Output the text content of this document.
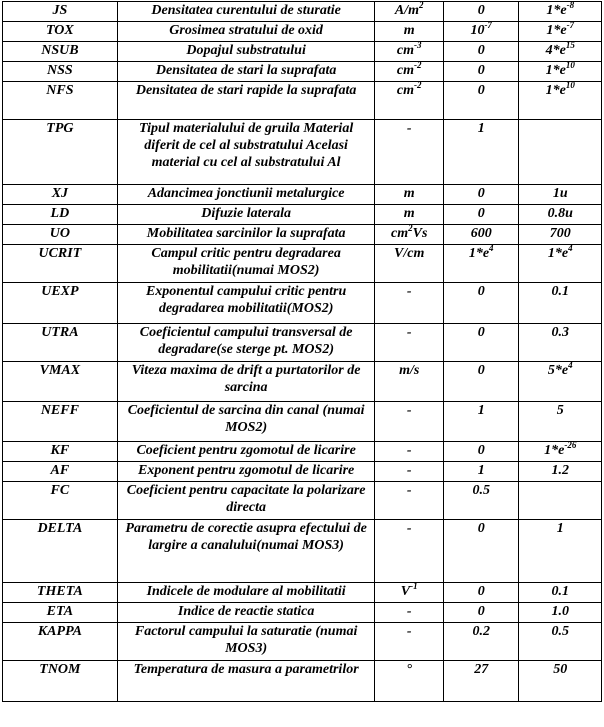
JS	Densitatea curentului de sturatie	$A/m^2$	0	$1*e^{-8}$
TOX	Grosimea stratului de oxid	m	$10^{-7}$	$1*e^{-7}$
NSUB	Dopajul substratului	$cm^{-3}$	0	$4*e^{15}$
NSS	Densitatea de stari la suprafata	$cm^{-2}$	0	$1*e^{10}$
NFS	Densitatea de stari rapide la suprafata	$cm^{-2}$	0	$1*e^{10}$
TPG	Tipul materialului de gruila Material diferit de cel al substratului Acelasi material cu cel al substratului Al	-	1	
XJ	Adancimea jonctiunii metalurgice	m	0	1u
LD	Difuzie laterala	m	0	0.8u
UO	Mobilitatea sarcinilor la suprafata	$cm^2Vs$	600	700
UCRIT	Campul critic pentru degradarea mobilitatii(numai MOS2)	V/cm	$1*e^4$	$1*e^4$
UEXP	Exponentul campului critic pentru degradarea mobilitatii(MOS2)	-	0	0.1
UTRA	Coeficientul campului transversal de degradare(se sterge pt. MOS2)	-	0	0.3
VMAX	Viteza maxima de drift a purtatorilor de sarcina	m/s	0	$5*e^4$
NEFF	Coeficientul de sarcina din canal (numai MOS2)	-	1	5
KF	Coeficient pentru zgomotul de licarire	-	0	$1*e^{-26}$
AF	Exponent pentru zgomotul de licarire	-	1	1.2
FC	Coeficient pentru capacitate la polarizare directa	-	0.5	
DELTA	Parametru de corectie asupra efectului de largire a canalului(numai MOS3)	-	0	1
THETA	Indicele de modulare al mobilitatii	$V^{-1}$	0	0.1
ETA	Indice de reactie statica	-	0	1.0
KAPPA	Factorul campului la saturatie (numai MOS3)	-	0.2	0.5
TNOM	Temperatura de masura a parametrilor	°	27	50
